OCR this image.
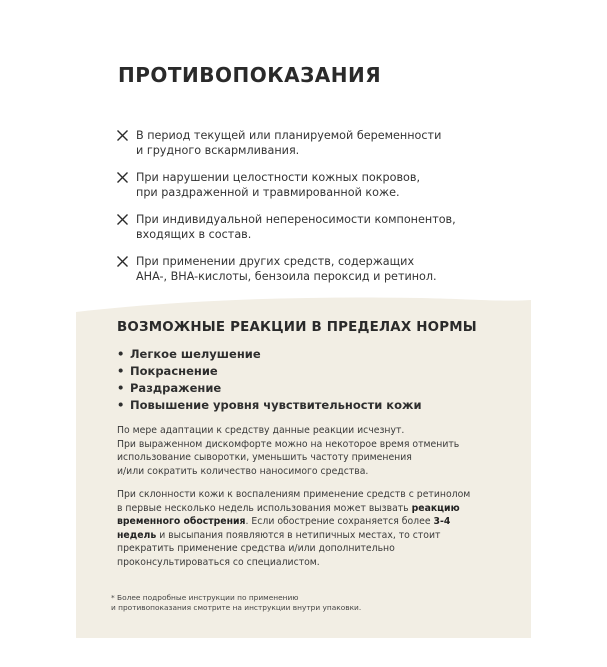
ПРОТИВОПОКАЗАНИЯ
В период текущей или планируемой беременности
и грудного вскармливания.
При нарушении целостности кожных покровов,
при раздраженной и травмированной коже.
При индивидуальной непереносимости компонентов,
входящих в состав.
При применении других средств, содержащих
AHA-, BHA-кислоты, бензоила пероксид и ретинол.
ВОЗМОЖНЫЕ РЕАКЦИИ В ПРЕДЕЛАХ НОРМЫ
• Легкое шелушение
• Покраснение
• Раздражение
• Повышение уровня чувствительности кожи

По мере адаптации к средству данные реакции исчезнут.
При выраженном дискомфорте можно на некоторое время отменить
использование сыворотки, уменьшить частоту применения
и/или сократить количество наносимого средства.

При склонности кожи к воспалениям применение средств с ретинолом
в первые несколько недель использования может вызвать реакцию
временного обострения. Если обострение сохраняется более 3-4
недель и высыпания появляются в нетипичных местах, то стоит
прекратить применение средства и/или дополнительно
проконсультироваться со специалистом.

* Более подробные инструкции по применению
и противопоказания смотрите на инструкции внутри упаковки.
